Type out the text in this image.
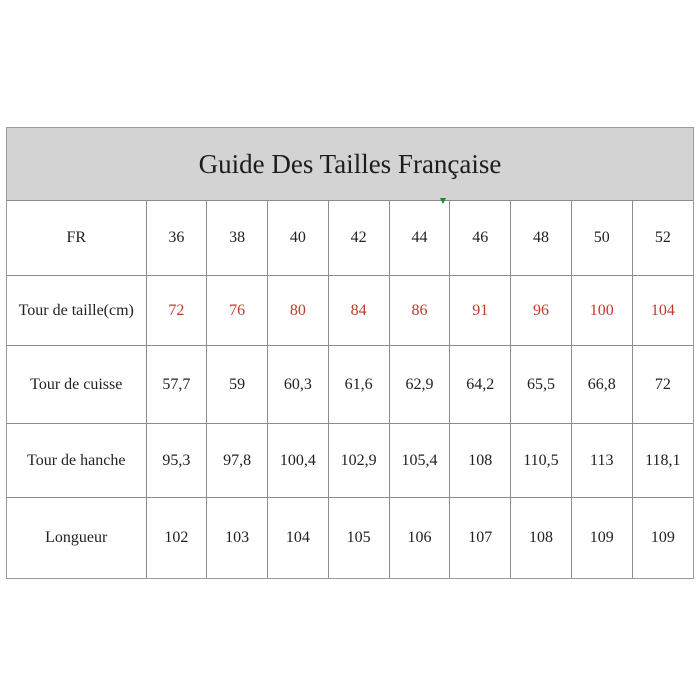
Guide Des Tailles Française
FR	36	38	40	42	44	46	48	50	52
Tour de taille(cm)	72	76	80	84	86	91	96	100	104
Tour de cuisse	57,7	59	60,3	61,6	62,9	64,2	65,5	66,8	72
Tour de hanche	95,3	97,8	100,4	102,9	105,4	108	110,5	113	118,1
Longueur	102	103	104	105	106	107	108	109	109
